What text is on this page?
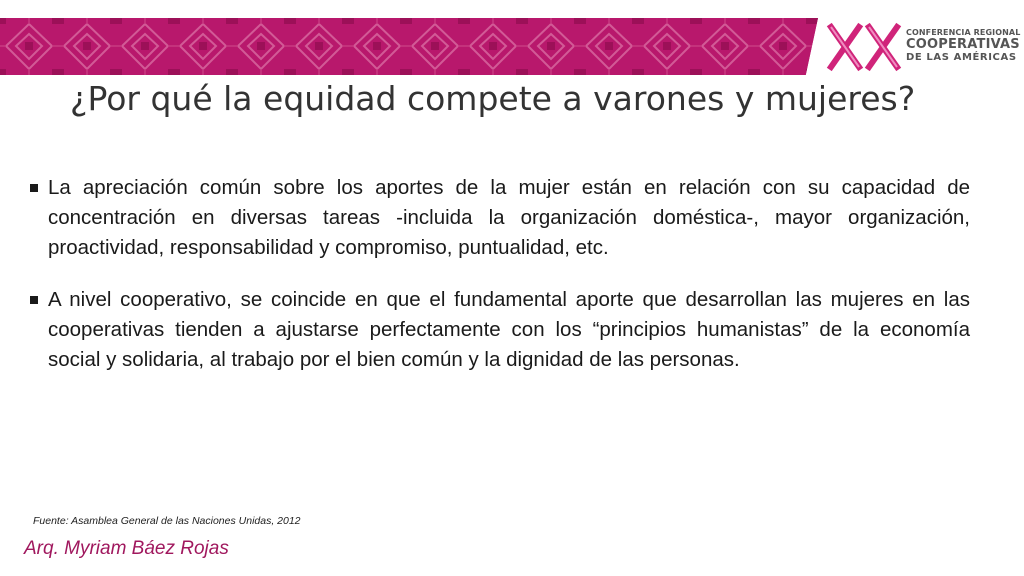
CONFERENCIA REGIONAL
COOPERATIVAS
DE LAS AMÉRICAS
¿Por qué la equidad compete a varones y mujeres?
La apreciación común sobre los aportes de la mujer están en relación con su capacidad de concentración en diversas tareas -incluida la organización doméstica-, mayor organización, proactividad, responsabilidad y compromiso, puntualidad, etc.
A nivel cooperativo, se coincide en que el fundamental aporte que desarrollan las mujeres en las cooperativas tienden a ajustarse perfectamente con los “principios humanistas” de la economía social y solidaria, al trabajo por el bien común y la dignidad de las personas.
Fuente: Asamblea General de las Naciones Unidas, 2012
Arq. Myriam Báez Rojas
